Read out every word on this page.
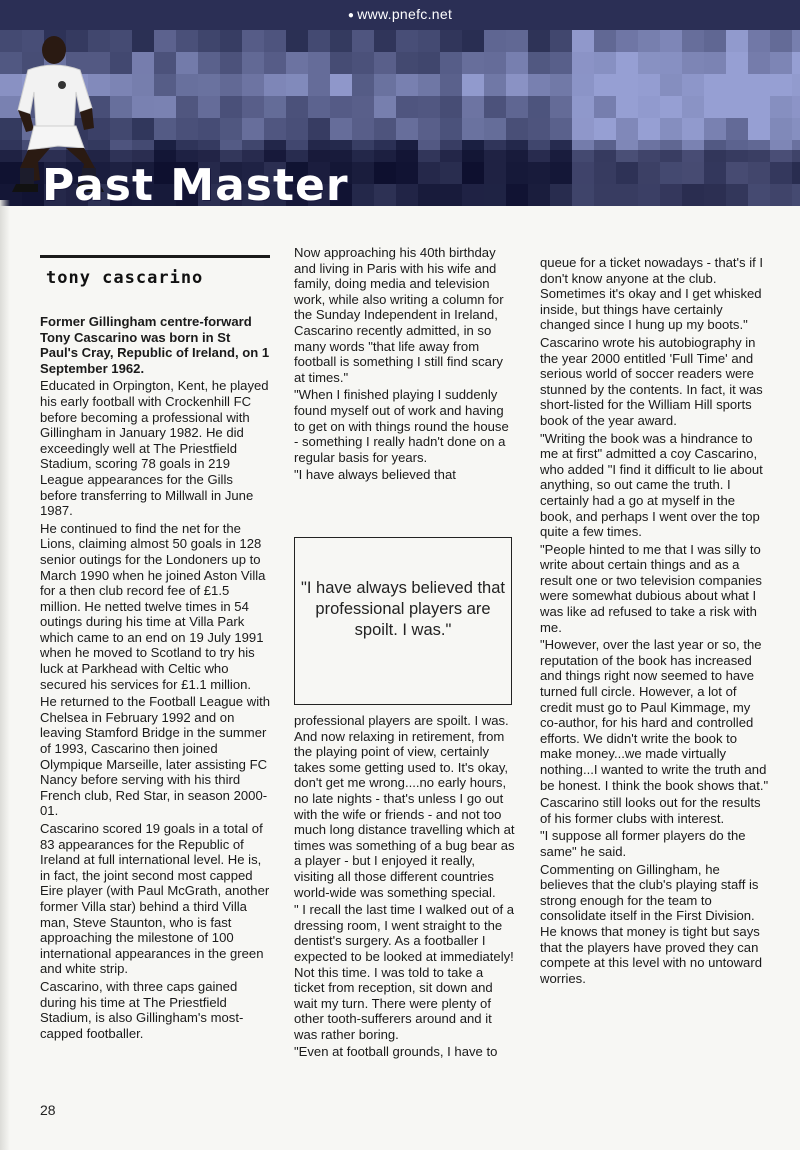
● www.pnefc.net
Past Master
tony cascarino

Former Gillingham centre-forward Tony Cascarino was born in St Paul's Cray, Republic of Ireland, on 1 September 1962.

Educated in Orpington, Kent, he played his early football with Crockenhill FC before becoming a professional with Gillingham in January 1982. He did exceedingly well at The Priestfield Stadium, scoring 78 goals in 219 League appearances for the Gills before transferring to Millwall in June 1987.

He continued to find the net for the Lions, claiming almost 50 goals in 128 senior outings for the Londoners up to March 1990 when he joined Aston Villa for a then club record fee of £1.5 million. He netted twelve times in 54 outings during his time at Villa Park which came to an end on 19 July 1991 when he moved to Scotland to try his luck at Parkhead with Celtic who secured his services for £1.1 million.

He returned to the Football League with Chelsea in February 1992 and on leaving Stamford Bridge in the summer of 1993, Cascarino then joined Olympique Marseille, later assisting FC Nancy before serving with his third French club, Red Star, in season 2000-01.

Cascarino scored 19 goals in a total of 83 appearances for the Republic of Ireland at full international level. He is, in fact, the joint second most capped Eire player (with Paul McGrath, another former Villa star) behind a third Villa man, Steve Staunton, who is fast approaching the milestone of 100 international appearances in the green and white strip.

Cascarino, with three caps gained during his time at The Priestfield Stadium, is also Gillingham's most-capped footballer.

Now approaching his 40th birthday and living in Paris with his wife and family, doing media and television work, while also writing a column for the Sunday Independent in Ireland, Cascarino recently admitted, in so many words "that life away from football is something I still find scary at times."

"When I finished playing I suddenly found myself out of work and having to get on with things round the house - something I really hadn't done on a regular basis for years.

"I have always believed that

"I have always believed that professional players are spoilt. I was."

professional players are spoilt. I was. And now relaxing in retirement, from the playing point of view, certainly takes some getting used to. It's okay, don't get me wrong....no early hours, no late nights - that's unless I go out with the wife or friends - and not too much long distance travelling which at times was something of a bug bear as a player - but I enjoyed it really, visiting all those different countries world-wide was something special.

" I recall the last time I walked out of a dressing room, I went straight to the dentist's surgery. As a footballer I expected to be looked at immediately! Not this time. I was told to take a ticket from reception, sit down and wait my turn. There were plenty of other tooth-sufferers around and it was rather boring.

"Even at football grounds, I have to

queue for a ticket nowadays - that's if I don't know anyone at the club. Sometimes it's okay and I get whisked inside, but things have certainly changed since I hung up my boots."

Cascarino wrote his autobiography in the year 2000 entitled 'Full Time' and serious world of soccer readers were stunned by the contents. In fact, it was short-listed for the William Hill sports book of the year award.

"Writing the book was a hindrance to me at first" admitted a coy Cascarino, who added "I find it difficult to lie about anything, so out came the truth. I certainly had a go at myself in the book, and perhaps I went over the top quite a few times.

"People hinted to me that I was silly to write about certain things and as a result one or two television companies were somewhat dubious about what I was like ad refused to take a risk with me.

"However, over the last year or so, the reputation of the book has increased and things right now seemed to have turned full circle. However, a lot of credit must go to Paul Kimmage, my co-author, for his hard and controlled efforts. We didn't write the book to make money...we made virtually nothing...I wanted to write the truth and be honest. I think the book shows that."

Cascarino still looks out for the results of his former clubs with interest.

"I suppose all former players do the same" he said.

Commenting on Gillingham, he believes that the club's playing staff is strong enough for the team to consolidate itself in the First Division. He knows that money is tight but says that the players have proved they can compete at this level with no untoward worries.

28
